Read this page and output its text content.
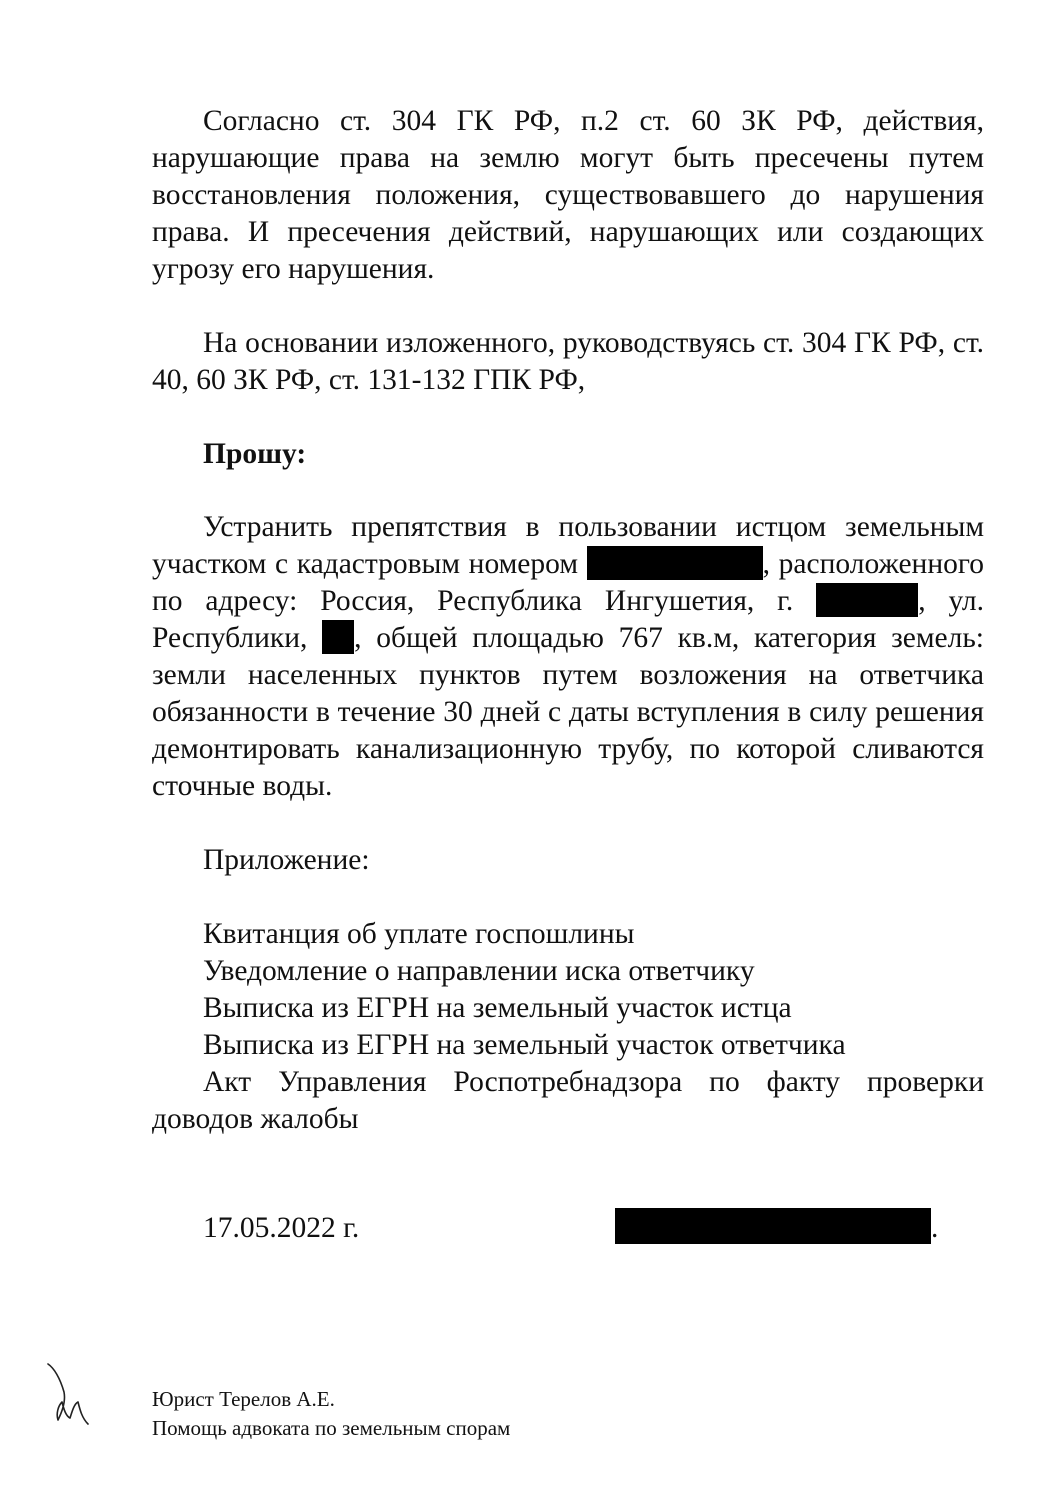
Согласно ст. 304 ГК РФ, п.2 ст. 60 ЗК РФ, действия, нарушающие права на землю могут быть пресечены путем восстановления положения, существовавшего до нарушения права. И пресечения действий, нарушающих или создающих угрозу его нарушения.

На основании изложенного, руководствуясь ст. 304 ГК РФ, ст. 40, 60 ЗК РФ, ст. 131-132 ГПК РФ,

Прошу:

Устранить препятствия в пользовании истцом земельным участком с кадастровым номером	, расположенного по адресу: Россия, Республика Ингушетия, г.	, ул. Республики, , общей площадью 767 кв.м, категория земель: земли населенных пунктов путем возложения на ответчика обязанности в течение 30 дней с даты вступления в силу решения демонтировать канализационную трубу, по которой сливаются сточные воды.

Приложение:

Квитанция об уплате госпошлины

Уведомление о направлении иска ответчику

Выписка из ЕГРН на земельный участок истца

Выписка из ЕГРН на земельный участок ответчика

Акт Управления Роспотребнадзора по факту проверки доводов жалобы

17.05.2022 г.	.
Юрист Терелов А.Е.
Помощь адвоката по земельным спорам
